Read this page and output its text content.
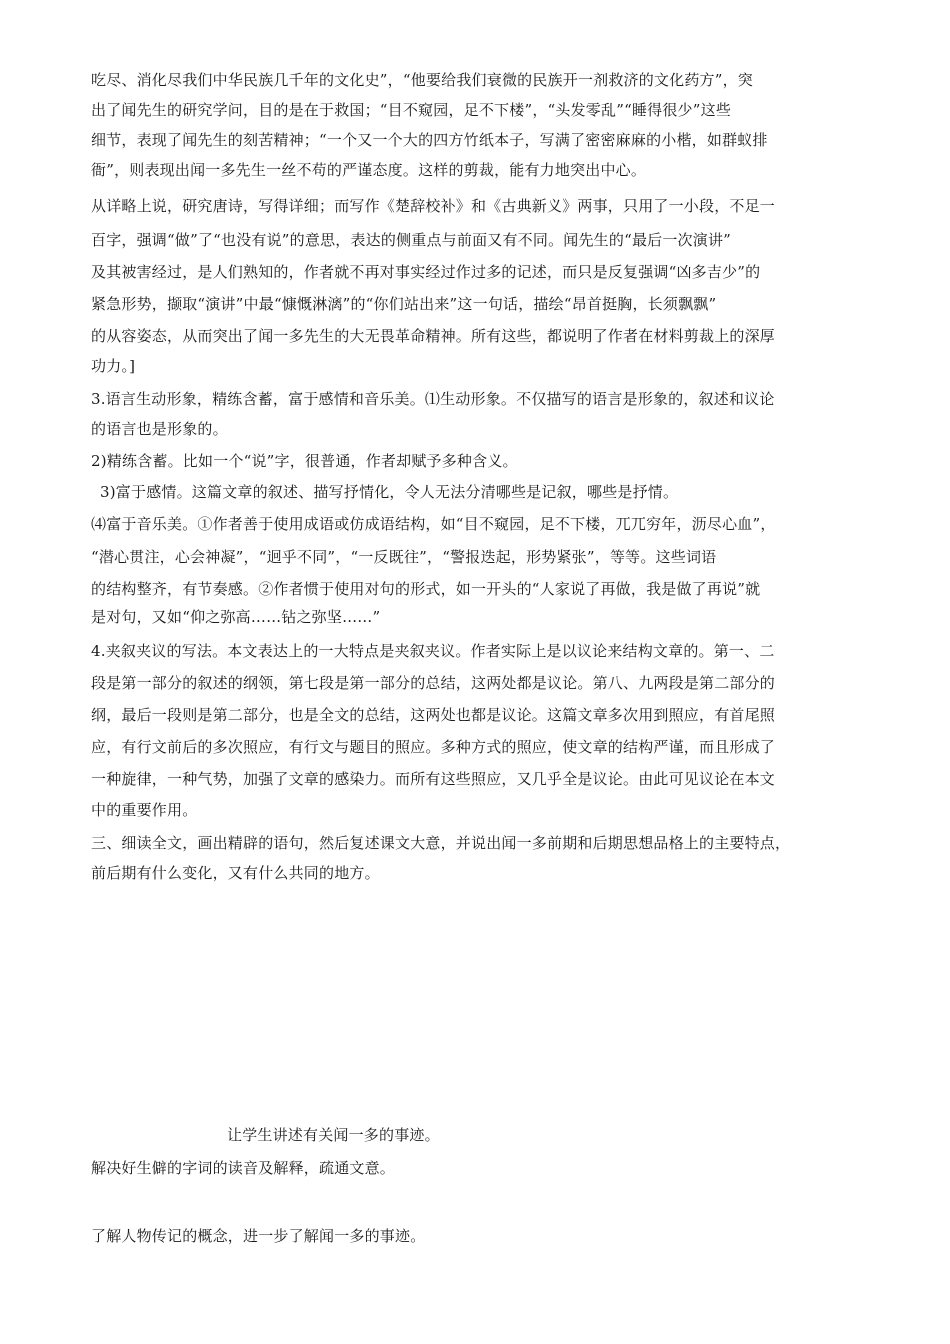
吃尽、消化尽我们中华民族几千年的文化史”，“他要给我们衰微的民族开一剂救济的文化药方”，突
出了闻先生的研究学问，目的是在于救国；“目不窥园，足不下楼”，“头发零乱”“睡得很少”这些
细节，表现了闻先生的刻苦精神；“一个又一个大的四方竹纸本子，写满了密密麻麻的小楷，如群蚁排
衙”，则表现出闻一多先生一丝不苟的严谨态度。这样的剪裁，能有力地突出中心。
从详略上说，研究唐诗，写得详细；而写作《楚辞校补》和《古典新义》两事，只用了一小段，不足一
百字，强调“做”了“也没有说”的意思，表达的侧重点与前面又有不同。闻先生的“最后一次演讲”
及其被害经过，是人们熟知的，作者就不再对事实经过作过多的记述，而只是反复强调“凶多吉少”的
紧急形势，撷取“演讲”中最“慷慨淋漓”的“你们站出来”这一句话，描绘“昂首挺胸，长须飘飘”
的从容姿态，从而突出了闻一多先生的大无畏革命精神。所有这些，都说明了作者在材料剪裁上的深厚
功力。]
3.语言生动形象，精练含蓄，富于感情和音乐美。⑴生动形象。不仅描写的语言是形象的，叙述和议论
的语言也是形象的。
2)精练含蓄。比如一个“说”字，很普通，作者却赋予多种含义。
3)富于感情。这篇文章的叙述、描写抒情化，令人无法分清哪些是记叙，哪些是抒情。
⑷富于音乐美。①作者善于使用成语或仿成语结构，如“目不窥园，足不下楼，兀兀穷年，沥尽心血”，
“潜心贯注，心会神凝”，“迥乎不同”，“一反既往”，“警报迭起，形势紧张”，等等。这些词语
的结构整齐，有节奏感。②作者惯于使用对句的形式，如一开头的“人家说了再做，我是做了再说”就
是对句，又如“仰之弥高……钻之弥坚……”
4.夹叙夹议的写法。本文表达上的一大特点是夹叙夹议。作者实际上是以议论来结构文章的。第一、二
段是第一部分的叙述的纲领，第七段是第一部分的总结，这两处都是议论。第八、九两段是第二部分的
纲，最后一段则是第二部分，也是全文的总结，这两处也都是议论。这篇文章多次用到照应，有首尾照
应，有行文前后的多次照应，有行文与题目的照应。多种方式的照应，使文章的结构严谨，而且形成了
一种旋律，一种气势，加强了文章的感染力。而所有这些照应，又几乎全是议论。由此可见议论在本文
中的重要作用。
三、细读全文，画出精辟的语句，然后复述课文大意，并说出闻一多前期和后期思想品格上的主要特点，
前后期有什么变化，又有什么共同的地方。
让学生讲述有关闻一多的事迹。
解决好生僻的字词的读音及解释，疏通文意。
了解人物传记的概念，进一步了解闻一多的事迹。
